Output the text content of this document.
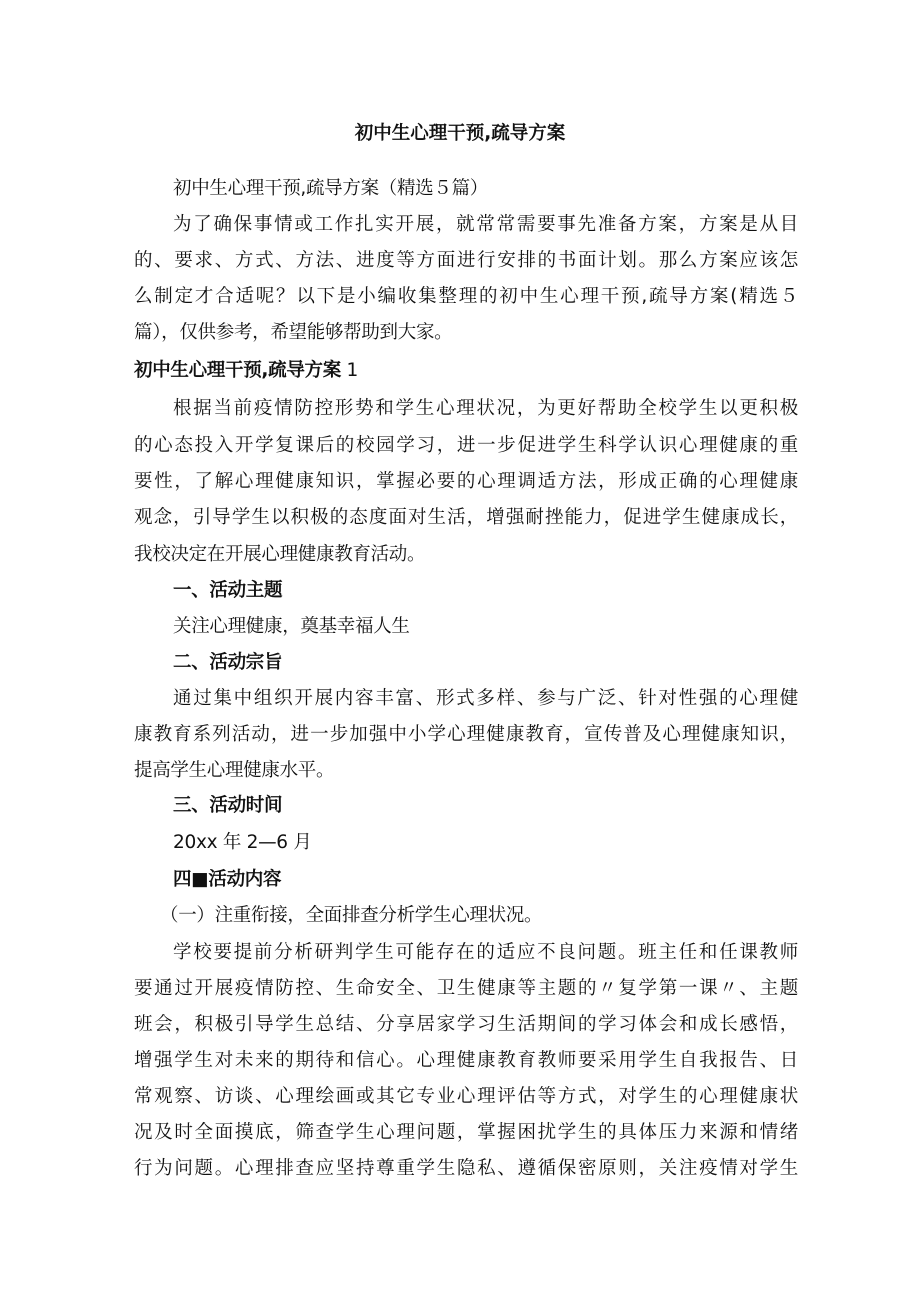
初中生心理干预,疏导方案
初中生心理干预,疏导方案（精选５篇）
为了确保事情或工作扎实开展，就常常需要事先准备方案，方案是从目
的、要求、方式、方法、进度等方面进行安排的书面计划。那么方案应该怎
么制定才合适呢？以下是小编收集整理的初中生心理干预,疏导方案(精选５
篇），仅供参考，希望能够帮助到大家。
初中生心理干预,疏导方案 1
根据当前疫情防控形势和学生心理状况，为更好帮助全校学生以更积极
的心态投入开学复课后的校园学习，进一步促进学生科学认识心理健康的重
要性，了解心理健康知识，掌握必要的心理调适方法，形成正确的心理健康
观念，引导学生以积极的态度面对生活，增强耐挫能力，促进学生健康成长，
我校决定在开展心理健康教育活动。
一、活动主题
关注心理健康，奠基幸福人生
二、活动宗旨
通过集中组织开展内容丰富、形式多样、参与广泛、针对性强的心理健
康教育系列活动，进一步加强中小学心理健康教育，宣传普及心理健康知识，
提高学生心理健康水平。
三、活动时间
20xx 年 2—6 月
四■活动内容
（一）注重衔接，全面排查分析学生心理状况。
学校要提前分析研判学生可能存在的适应不良问题。班主任和任课教师
要通过开展疫情防控、生命安全、卫生健康等主题的〃复学第一课〃、主题
班会，积极引导学生总结、分享居家学习生活期间的学习体会和成长感悟，
增强学生对未来的期待和信心。心理健康教育教师要采用学生自我报告、日
常观察、访谈、心理绘画或其它专业心理评估等方式，对学生的心理健康状
况及时全面摸底，筛查学生心理问题，掌握困扰学生的具体压力来源和情绪
行为问题。心理排查应坚持尊重学生隐私、遵循保密原则，关注疫情对学生
